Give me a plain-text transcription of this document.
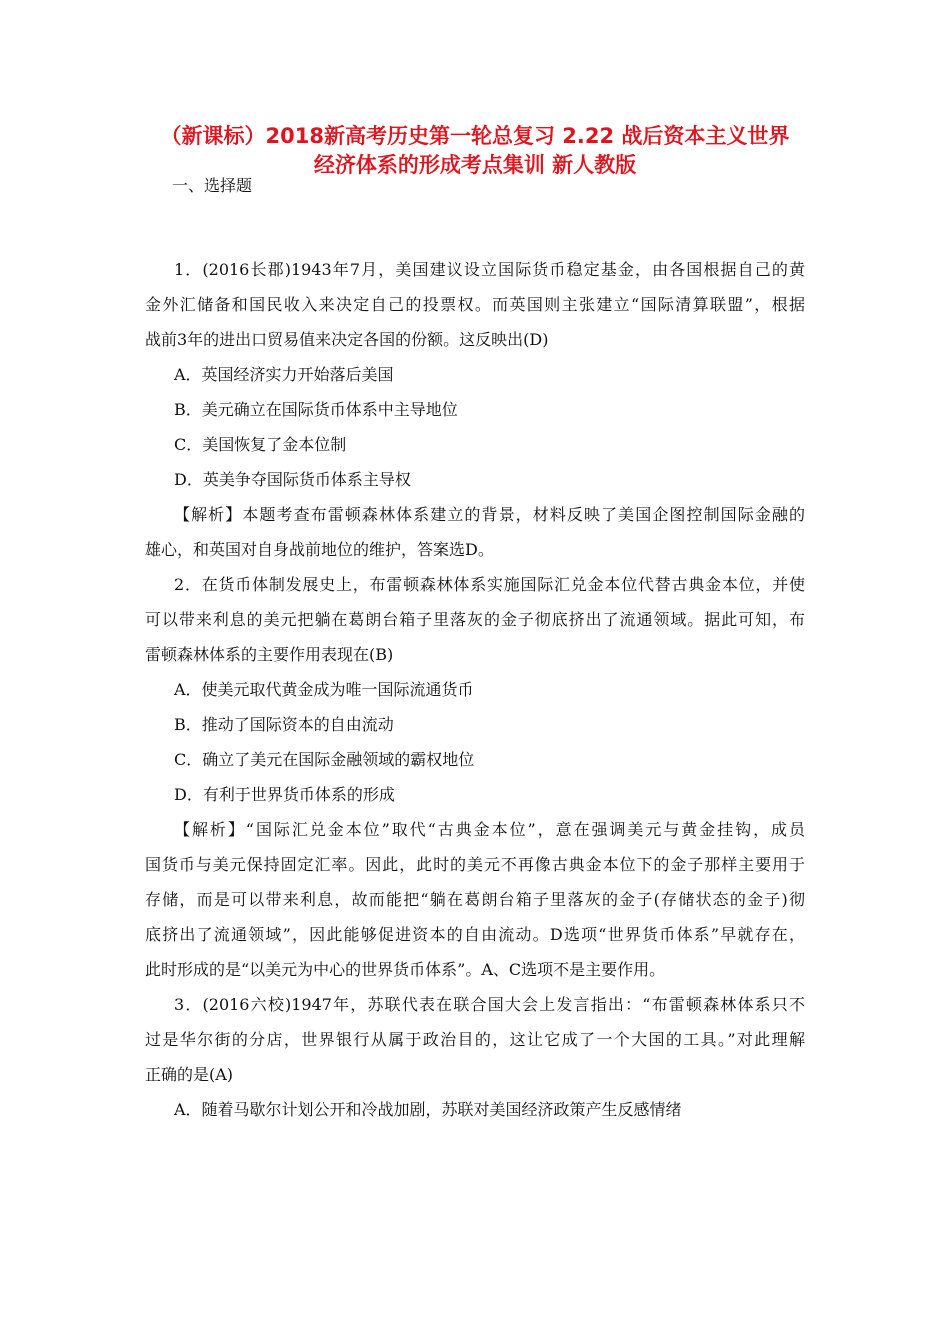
（新课标）2018新高考历史第一轮总复习 2.22 战后资本主义世界
经济体系的形成考点集训 新人教版
一、选择题
1．(2016长郡)1943年7月，美国建议设立国际货币稳定基金，由各国根据自己的黄
金外汇储备和国民收入来决定自己的投票权。而英国则主张建立“国际清算联盟”，根据
战前3年的进出口贸易值来决定各国的份额。这反映出(D)
A．英国经济实力开始落后美国
B．美元确立在国际货币体系中主导地位
C．美国恢复了金本位制
D．英美争夺国际货币体系主导权
【解析】本题考查布雷顿森林体系建立的背景，材料反映了美国企图控制国际金融的
雄心，和英国对自身战前地位的维护，答案选D。
2．在货币体制发展史上，布雷顿森林体系实施国际汇兑金本位代替古典金本位，并使
可以带来利息的美元把躺在葛朗台箱子里落灰的金子彻底挤出了流通领域。据此可知，布
雷顿森林体系的主要作用表现在(B)
A．使美元取代黄金成为唯一国际流通货币
B．推动了国际资本的自由流动
C．确立了美元在国际金融领域的霸权地位
D．有利于世界货币体系的形成
【解析】“国际汇兑金本位”取代“古典金本位”，意在强调美元与黄金挂钩，成员
国货币与美元保持固定汇率。因此，此时的美元不再像古典金本位下的金子那样主要用于
存储，而是可以带来利息，故而能把“躺在葛朗台箱子里落灰的金子(存储状态的金子)彻
底挤出了流通领域”，因此能够促进资本的自由流动。D选项“世界货币体系”早就存在，
此时形成的是“以美元为中心的世界货币体系”。A、C选项不是主要作用。
3．(2016六校)1947年，苏联代表在联合国大会上发言指出：“布雷顿森林体系只不
过是华尔街的分店，世界银行从属于政治目的，这让它成了一个大国的工具。”对此理解
正确的是(A)
A．随着马歇尔计划公开和冷战加剧，苏联对美国经济政策产生反感情绪
